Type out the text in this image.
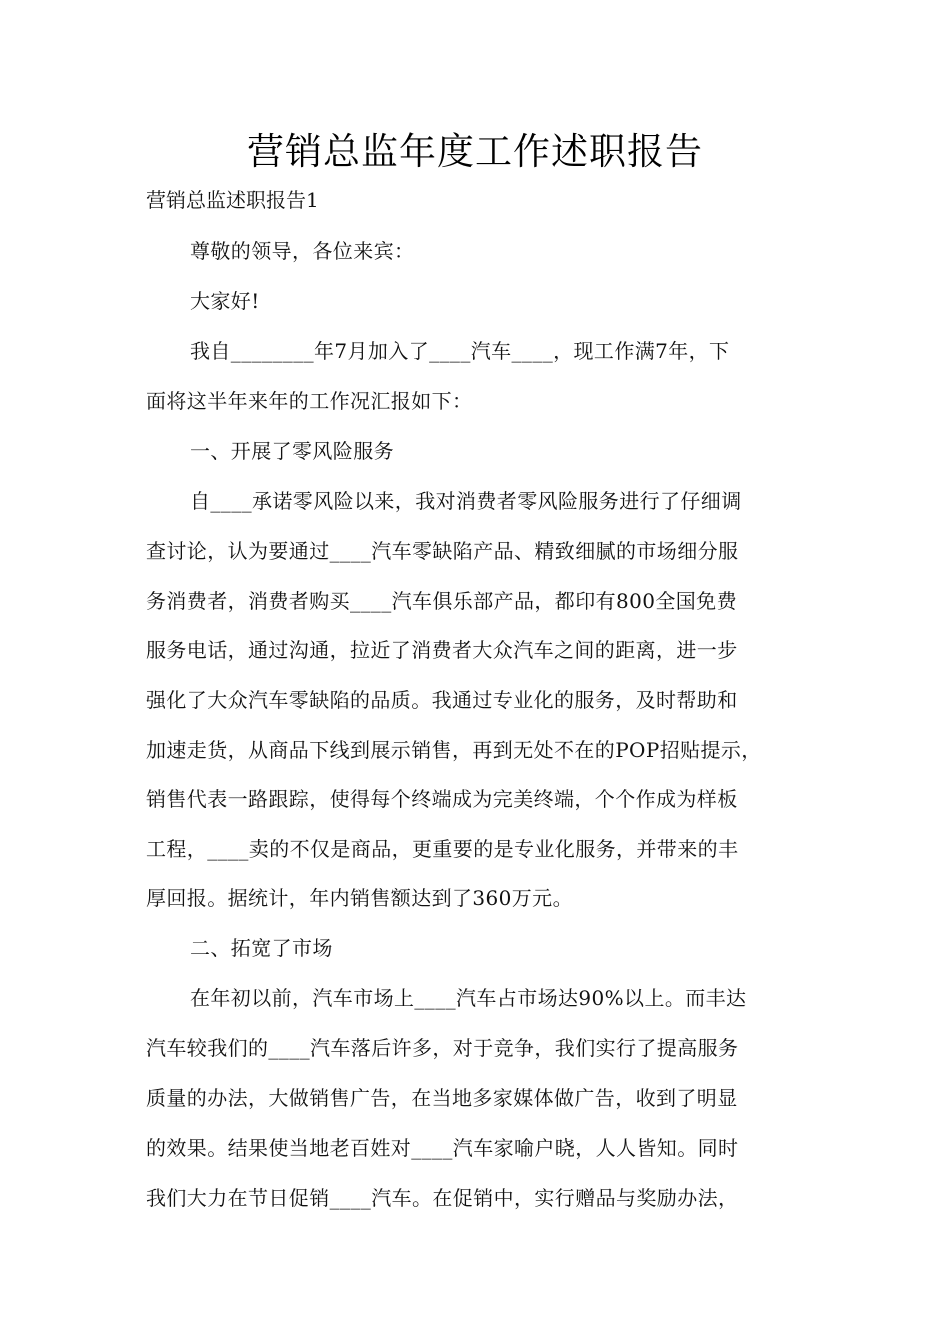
营销总监年度工作述职报告

营销总监述职报告1

尊敬的领导，各位来宾：

大家好!

我自________年7月加入了____汽车____，现工作满7年，下

面将这半年来年的工作况汇报如下：

一、开展了零风险服务

自____承诺零风险以来，我对消费者零风险服务进行了仔细调

查讨论，认为要通过____汽车零缺陷产品、精致细腻的市场细分服

务消费者，消费者购买____汽车俱乐部产品，都印有800全国免费

服务电话，通过沟通，拉近了消费者大众汽车之间的距离，进一步

强化了大众汽车零缺陷的品质。我通过专业化的服务，及时帮助和

加速走货，从商品下线到展示销售，再到无处不在的POP招贴提示，

销售代表一路跟踪，使得每个终端成为完美终端，个个作成为样板

工程，____卖的不仅是商品，更重要的是专业化服务，并带来的丰

厚回报。据统计，年内销售额达到了360万元。

二、拓宽了市场

在年初以前，汽车市场上____汽车占市场达90%以上。而丰达

汽车较我们的____汽车落后许多，对于竞争，我们实行了提高服务

质量的办法，大做销售广告，在当地多家媒体做广告，收到了明显

的效果。结果使当地老百姓对____汽车家喻户晓，人人皆知。同时

我们大力在节日促销____汽车。在促销中，实行赠品与奖励办法，
